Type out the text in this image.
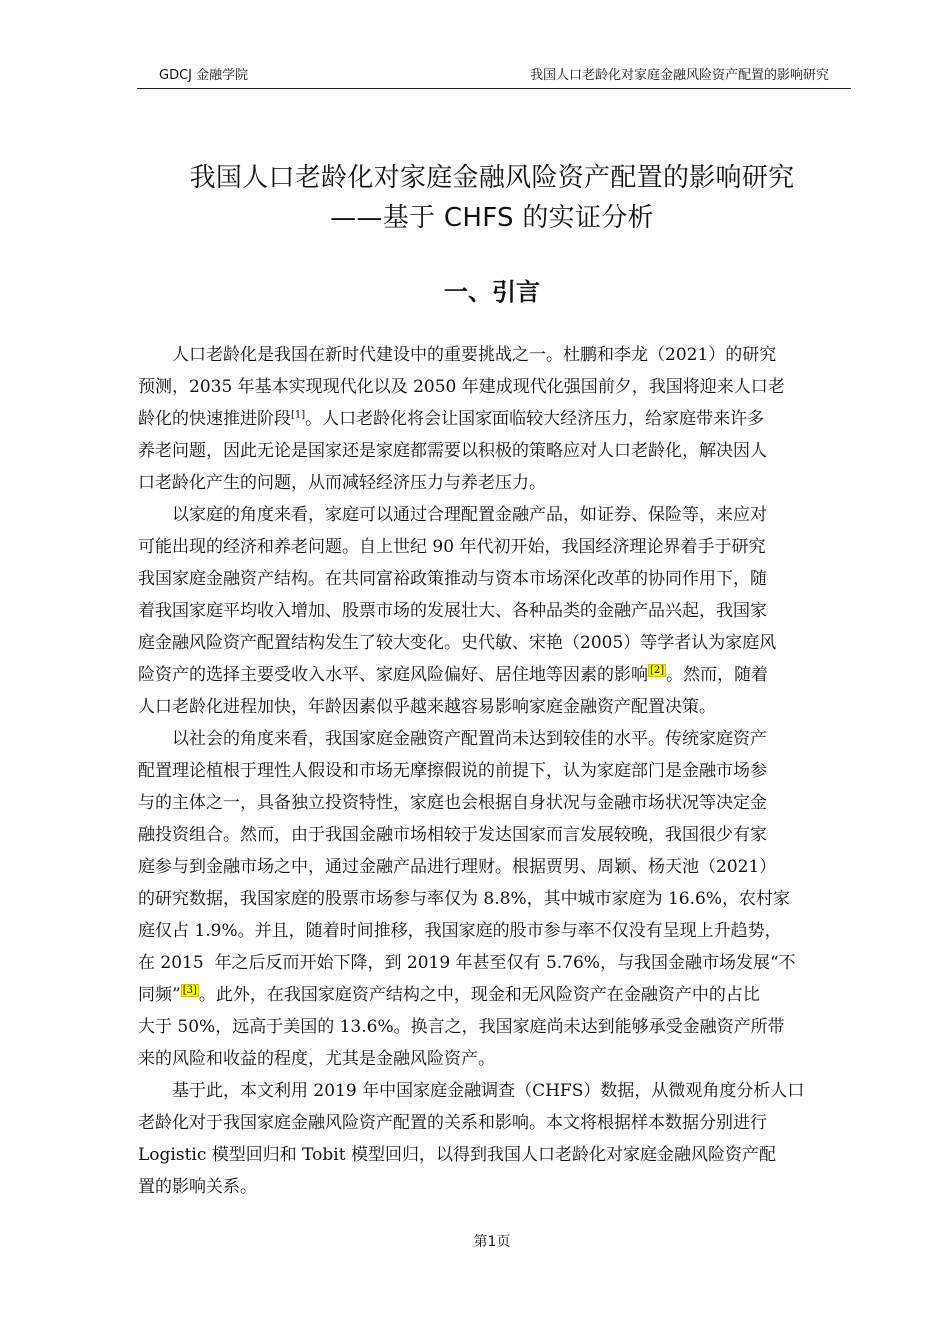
GDCJ 金融学院	我国人口老龄化对家庭金融风险资产配置的影响研究
我国人口老龄化对家庭金融风险资产配置的影响研究
——基于 CHFS 的实证分析
一、引言

人口老龄化是我国在新时代建设中的重要挑战之一。杜鹏和李龙（2021）的研究
预测，2035 年基本实现现代化以及 2050 年建成现代化强国前夕，我国将迎来人口老
龄化的快速推进阶段[1]。人口老龄化将会让国家面临较大经济压力，给家庭带来许多
养老问题，因此无论是国家还是家庭都需要以积极的策略应对人口老龄化，解决因人
口老龄化产生的问题，从而减轻经济压力与养老压力。

以家庭的角度来看，家庭可以通过合理配置金融产品，如证券、保险等，来应对
可能出现的经济和养老问题。自上世纪 90 年代初开始，我国经济理论界着手于研究
我国家庭金融资产结构。在共同富裕政策推动与资本市场深化改革的协同作用下，随
着我国家庭平均收入增加、股票市场的发展壮大、各种品类的金融产品兴起，我国家
庭金融风险资产配置结构发生了较大变化。史代敏、宋艳（2005）等学者认为家庭风
险资产的选择主要受收入水平、家庭风险偏好、居住地等因素的影响 [2] 。然而，随着
人口老龄化进程加快，年龄因素似乎越来越容易影响家庭金融资产配置决策。

以社会的角度来看，我国家庭金融资产配置尚未达到较佳的水平。传统家庭资产
配置理论植根于理性人假设和市场无摩擦假说的前提下，认为家庭部门是金融市场参
与的主体之一，具备独立投资特性，家庭也会根据自身状况与金融市场状况等决定金
融投资组合。然而，由于我国金融市场相较于发达国家而言发展较晚，我国很少有家
庭参与到金融市场之中，通过金融产品进行理财。根据贾男、周颖、杨天池（2021）
的研究数据，我国家庭的股票市场参与率仅为 8.8%，其中城市家庭为 16.6%，农村家
庭仅占 1.9%。并且，随着时间推移，我国家庭的股市参与率不仅没有呈现上升趋势，
在 2015  年之后反而开始下降，到 2019 年甚至仅有 5.76%，与我国金融市场发展“不
同频” [3] 。此外，在我国家庭资产结构之中，现金和无风险资产在金融资产中的占比
大于 50%，远高于美国的 13.6%。换言之，我国家庭尚未达到能够承受金融资产所带
来的风险和收益的程度，尤其是金融风险资产。

基于此，本文利用 2019 年中国家庭金融调查（CHFS）数据，从微观角度分析人口
老龄化对于我国家庭金融风险资产配置的关系和影响。本文将根据样本数据分别进行
Logistic 模型回归和 Tobit 模型回归，以得到我国人口老龄化对家庭金融风险资产配
置的影响关系。

第1页
